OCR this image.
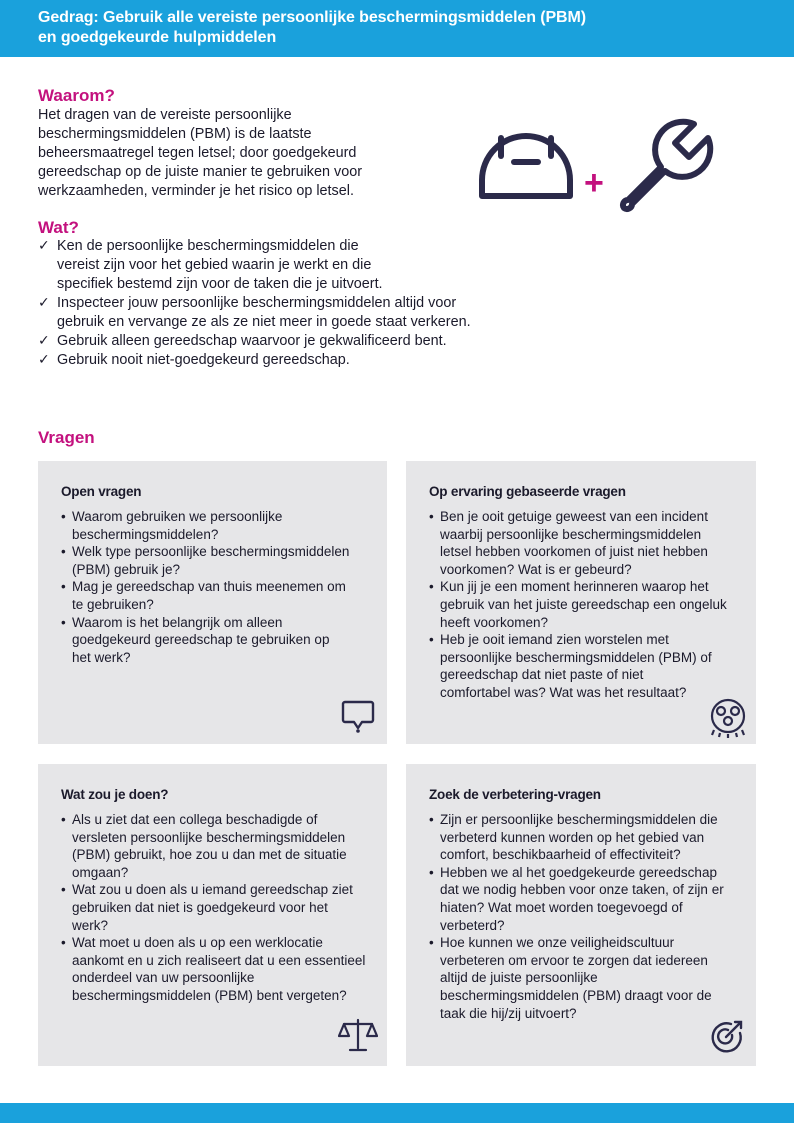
Gedrag: Gebruik alle vereiste persoonlijke beschermingsmiddelen (PBM)
en goedgekeurde hulpmiddelen
Waarom?

Het dragen van de vereiste persoonlijke beschermingsmiddelen (PBM) is de laatste beheersmaatregel tegen letsel; door goedgekeurd gereedschap op de juiste manier te gebruiken voor werkzaamheden, verminder je het risico op letsel.

Wat?
✓ Ken de persoonlijke beschermingsmiddelen die vereist zijn voor het gebied waarin je werkt en die specifiek bestemd zijn voor de taken die je uitvoert.
✓ Inspecteer jouw persoonlijke beschermingsmiddelen altijd voor gebruik en vervange ze als ze niet meer in goede staat verkeren.
✓ Gebruik alleen gereedschap waarvoor je gekwalificeerd bent.
✓ Gebruik nooit niet-goedgekeurd gereedschap.
+
Vragen
Open vragen
• Waarom gebruiken we persoonlijke beschermingsmiddelen?
• Welk type persoonlijke beschermingsmiddelen (PBM) gebruik je?
• Mag je gereedschap van thuis meenemen om te gebruiken?
• Waarom is het belangrijk om alleen goedgekeurd gereedschap te gebruiken op het werk?
Op ervaring gebaseerde vragen
• Ben je ooit getuige geweest van een incident waarbij persoonlijke beschermingsmiddelen letsel hebben voorkomen of juist niet hebben voorkomen? Wat is er gebeurd?
• Kun jij je een moment herinneren waarop het gebruik van het juiste gereedschap een ongeluk heeft voorkomen?
• Heb je ooit iemand zien worstelen met persoonlijke beschermingsmiddelen (PBM) of gereedschap dat niet paste of niet comfortabel was? Wat was het resultaat?
Wat zou je doen?
• Als u ziet dat een collega beschadigde of versleten persoonlijke beschermingsmiddelen (PBM) gebruikt, hoe zou u dan met de situatie omgaan?
• Wat zou u doen als u iemand gereedschap ziet gebruiken dat niet is goedgekeurd voor het werk?
• Wat moet u doen als u op een werklocatie aankomt en u zich realiseert dat u een essentieel onderdeel van uw persoonlijke beschermingsmiddelen (PBM) bent vergeten?
Zoek de verbetering-vragen
• Zijn er persoonlijke beschermingsmiddelen die verbeterd kunnen worden op het gebied van comfort, beschikbaarheid of effectiviteit?
• Hebben we al het goedgekeurde gereedschap dat we nodig hebben voor onze taken, of zijn er hiaten? Wat moet worden toegevoegd of verbeterd?
• Hoe kunnen we onze veiligheidscultuur verbeteren om ervoor te zorgen dat iedereen altijd de juiste persoonlijke beschermingsmiddelen (PBM) draagt voor de taak die hij/zij uitvoert?
